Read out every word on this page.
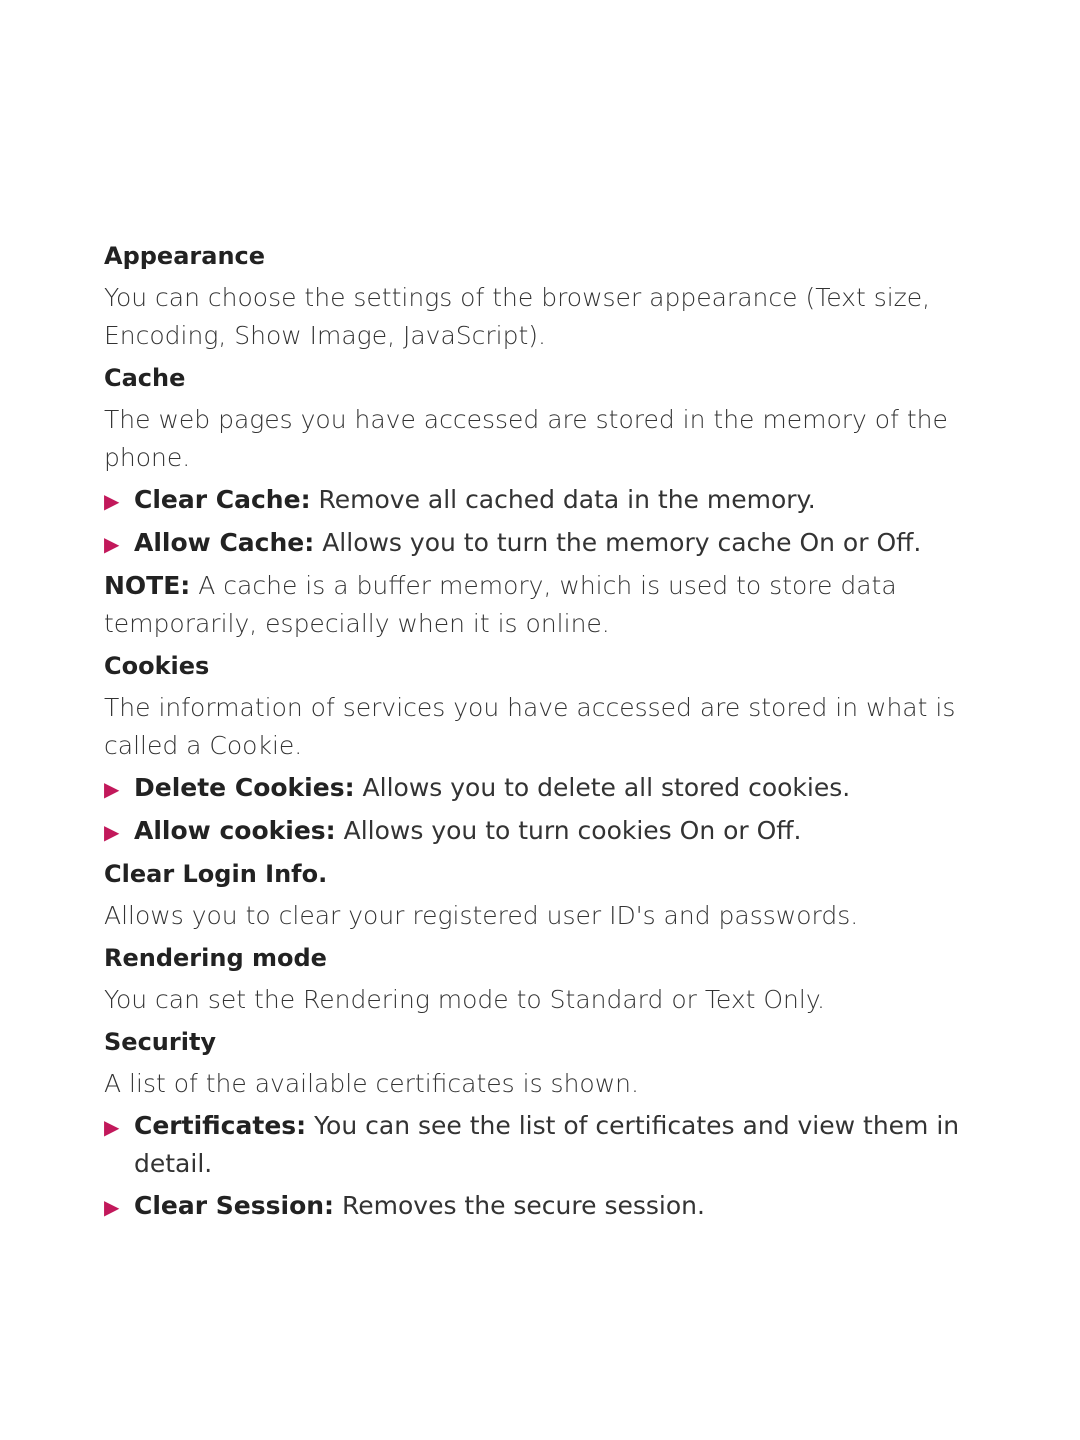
Appearance
You can choose the settings of the browser appearance (Text size, Encoding, Show Image, JavaScript).
Cache
The web pages you have accessed are stored in the memory of the phone.
▶ Clear Cache: Remove all cached data in the memory.
▶ Allow Cache: Allows you to turn the memory cache On or Off.
NOTE: A cache is a buffer memory, which is used to store data temporarily, especially when it is online.
Cookies
The information of services you have accessed are stored in what is called a Cookie.
▶ Delete Cookies: Allows you to delete all stored cookies.
▶ Allow cookies: Allows you to turn cookies On or Off.
Clear Login Info.
Allows you to clear your registered user ID's and passwords.
Rendering mode
You can set the Rendering mode to Standard or Text Only.
Security
A list of the available certificates is shown.
▶ Certificates: You can see the list of certificates and view them in detail.
▶ Clear Session: Removes the secure session.
